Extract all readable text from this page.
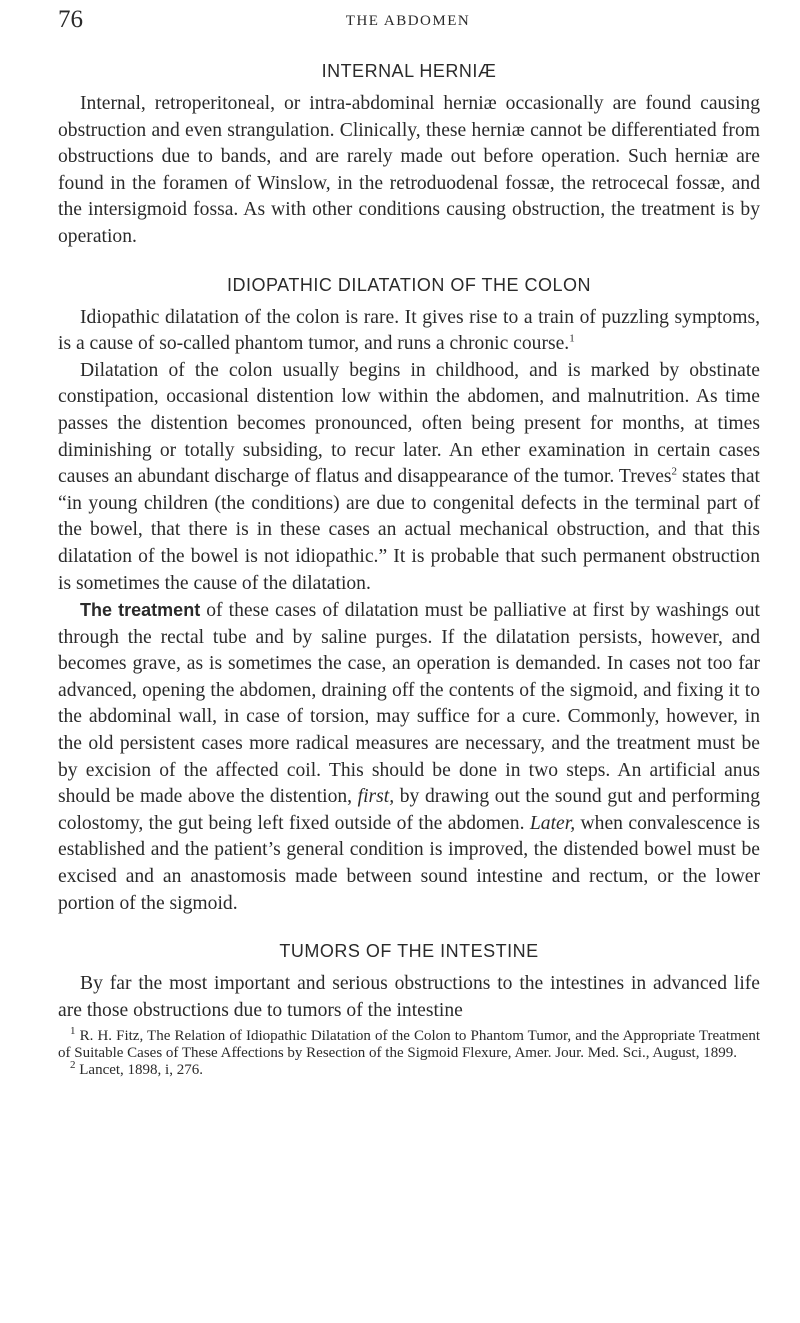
76	THE ABDOMEN
INTERNAL HERNIÆ

Internal, retroperitoneal, or intra-abdominal herniæ occasionally are found causing obstruction and even strangulation. Clinically, these herniæ cannot be differentiated from obstructions due to bands, and are rarely made out before operation. Such herniæ are found in the foramen of Winslow, in the retroduodenal fossæ, the retrocecal fossæ, and the intersigmoid fossa. As with other conditions causing obstruction, the treatment is by operation.

IDIOPATHIC DILATATION OF THE COLON

Idiopathic dilatation of the colon is rare. It gives rise to a train of puzzling symptoms, is a cause of so-called phantom tumor, and runs a chronic course.$^1$

Dilatation of the colon usually begins in childhood, and is marked by obstinate constipation, occasional distention low within the abdomen, and malnutrition. As time passes the distention becomes pronounced, often being present for months, at times diminishing or totally subsiding, to recur later. An ether examination in certain cases causes an abundant discharge of flatus and disappearance of the tumor. Treves$^2$ states that “in young children (the conditions) are due to congenital defects in the terminal part of the bowel, that there is in these cases an actual mechanical obstruction, and that this dilatation of the bowel is not idiopathic.” It is probable that such permanent obstruction is sometimes the cause of the dilatation.

The treatment of these cases of dilatation must be palliative at first by washings out through the rectal tube and by saline purges. If the dilatation persists, however, and becomes grave, as is sometimes the case, an operation is demanded. In cases not too far advanced, opening the abdomen, draining off the contents of the sigmoid, and fixing it to the abdominal wall, in case of torsion, may suffice for a cure. Commonly, however, in the old persistent cases more radical measures are necessary, and the treatment must be by excision of the affected coil. This should be done in two steps. An artificial anus should be made above the distention, first, by drawing out the sound gut and performing colostomy, the gut being left fixed outside of the abdomen. Later, when convalescence is established and the patient’s general condition is improved, the distended bowel must be excised and an anastomosis made between sound intestine and rectum, or the lower portion of the sigmoid.

TUMORS OF THE INTESTINE

By far the most important and serious obstructions to the intestines in advanced life are those obstructions due to tumors of the intestine

$^1$ R. H. Fitz, The Relation of Idiopathic Dilatation of the Colon to Phantom Tumor, and the Appropriate Treatment of Suitable Cases of These Affections by Resection of the Sigmoid Flexure, Amer. Jour. Med. Sci., August, 1899.

$^2$ Lancet, 1898, i, 276.
